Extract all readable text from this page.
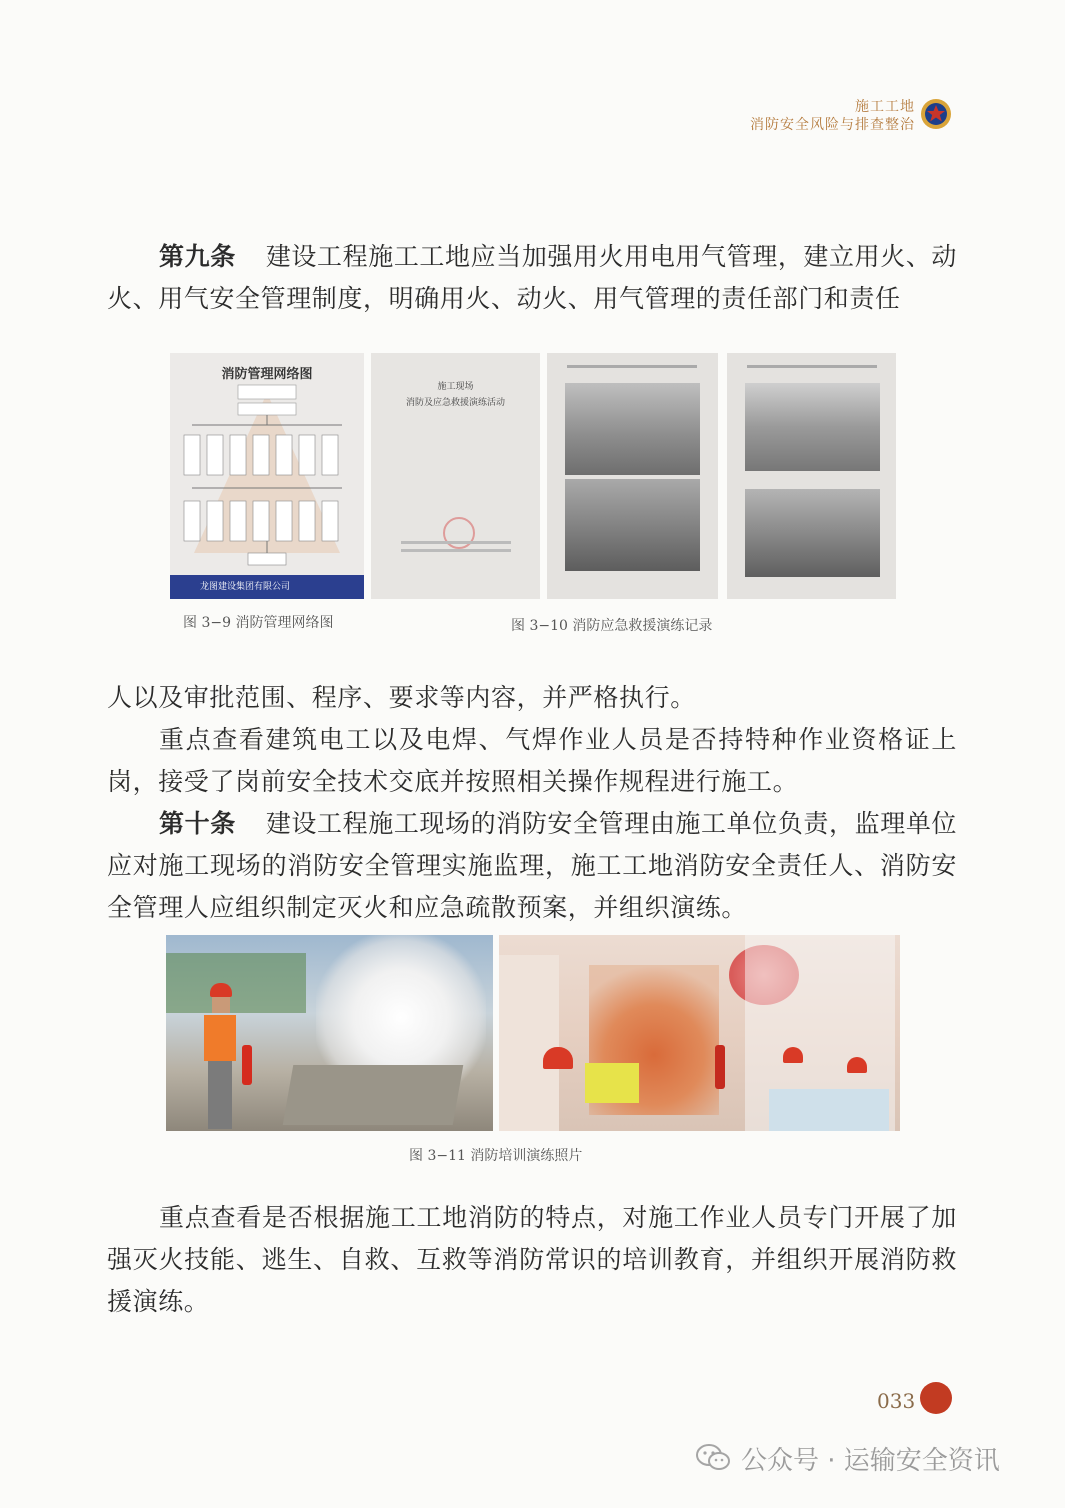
施工工地
消防安全风险与排查整治
第九条 建设工程施工工地应当加强用火用电用气管理，建立用火、动火、用气安全管理制度，明确用火、动火、用气管理的责任部门和责任
消防管理网络图
龙图建设集团有限公司
图 3−9 消防管理网络图
施工现场
消防及应急救援演练活动
图 3−10 消防应急救援演练记录
人以及审批范围、程序、要求等内容，并严格执行。
重点查看建筑电工以及电焊、气焊作业人员是否持特种作业资格证上岗，接受了岗前安全技术交底并按照相关操作规程进行施工。
第十条 建设工程施工现场的消防安全管理由施工单位负责，监理单位应对施工现场的消防安全管理实施监理，施工工地消防安全责任人、消防安全管理人应组织制定灭火和应急疏散预案，并组织演练。
图 3−11 消防培训演练照片
重点查看是否根据施工工地消防的特点，对施工作业人员专门开展了加强灭火技能、逃生、自救、互救等消防常识的培训教育，并组织开展消防救援演练。
033
公众号 · 运输安全资讯
